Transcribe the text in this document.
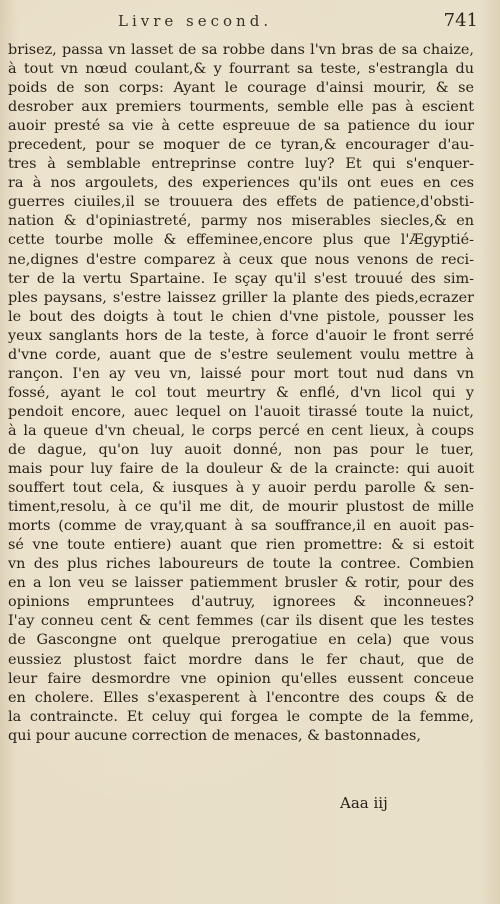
Livre second.	741
brisez, passa vn lasset de sa robbe dans l'vn bras de sa chaize,
à tout vn nœud coulant,& y fourrant sa teste, s'estrangla du
poids de son corps: Ayant le courage d'ainsi mourir, & se
desrober aux premiers tourments, semble elle pas à escient
auoir presté sa vie à cette espreuue de sa patience du iour
precedent, pour se moquer de ce tyran,& encourager d'au-
tres à semblable entreprinse contre luy? Et qui s'enquer-
ra à nos argoulets, des experiences qu'ils ont eues en ces
guerres ciuiles,il se trouuera des effets de patience,d'obsti-
nation & d'opiniastreté, parmy nos miserables siecles,& en
cette tourbe molle & effeminee,encore plus que l'Ægyptié-
ne,dignes d'estre comparez à ceux que nous venons de reci-
ter de la vertu Spartaine. Ie sçay qu'il s'est trouué des sim-
ples paysans, s'estre laissez griller la plante des pieds,ecrazer
le bout des doigts à tout le chien d'vne pistole, pousser les
yeux sanglants hors de la teste, à force d'auoir le front serré
d'vne corde, auant que de s'estre seulement voulu mettre à
rançon. I'en ay veu vn, laissé pour mort tout nud dans vn
fossé, ayant le col tout meurtry & enflé, d'vn licol qui y
pendoit encore, auec lequel on l'auoit tirassé toute la nuict,
à la queue d'vn cheual, le corps percé en cent lieux, à coups
de dague, qu'on luy auoit donné, non pas pour le tuer,
mais pour luy faire de la douleur & de la craincte: qui auoit
souffert tout cela, & iusques à y auoir perdu parolle & sen-
timent,resolu, à ce qu'il me dit, de mourir plustost de mille
morts (comme de vray,quant à sa souffrance,il en auoit pas-
sé vne toute entiere) auant que rien promettre: & si estoit
vn des plus riches laboureurs de toute la contree. Combien
en a lon veu se laisser patiemment brusler & rotir, pour des
opinions empruntees d'autruy, ignorees & inconneues?
I'ay conneu cent & cent femmes (car ils disent que les testes
de Gascongne ont quelque prerogatiue en cela) que vous
eussiez plustost faict mordre dans le fer chaut, que de
leur faire desmordre vne opinion qu'elles eussent conceue
en cholere. Elles s'exasperent à l'encontre des coups & de
la contraincte. Et celuy qui forgea le compte de la femme,
qui pour aucune correction de menaces, & bastonnades,
Aaa iij
